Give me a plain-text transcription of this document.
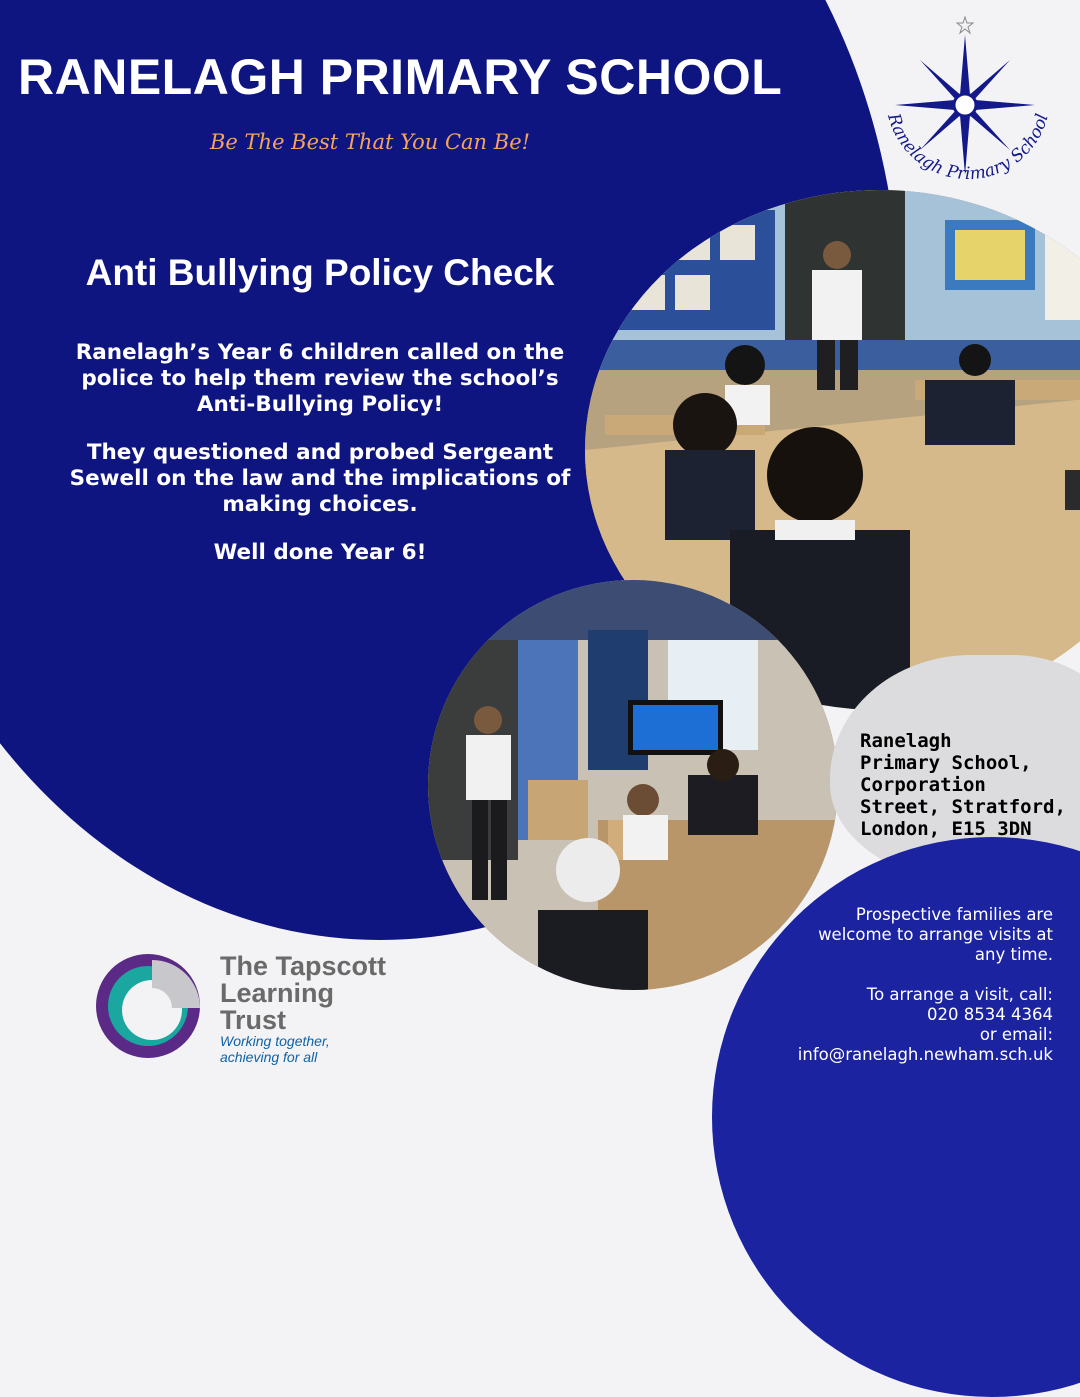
RANELAGH PRIMARY SCHOOL
Be The Best That You Can Be!
Ranelagh Primary School
Anti Bullying Policy Check

Ranelagh’s Year 6 children called on the police to help them review the school’s Anti-Bullying Policy!

They questioned and probed Sergeant Sewell on the law and the implications of making choices.

Well done Year 6!

Ranelagh
Primary School,
Corporation
Street, Stratford,
London, E15 3DN
Prospective families are
welcome to arrange visits at
any time.
To arrange a visit, call:
020 8534 4364
or email:
info@ranelagh.newham.sch.uk
The Tapscott
Learning
Trust
Working together,
achieving for all
